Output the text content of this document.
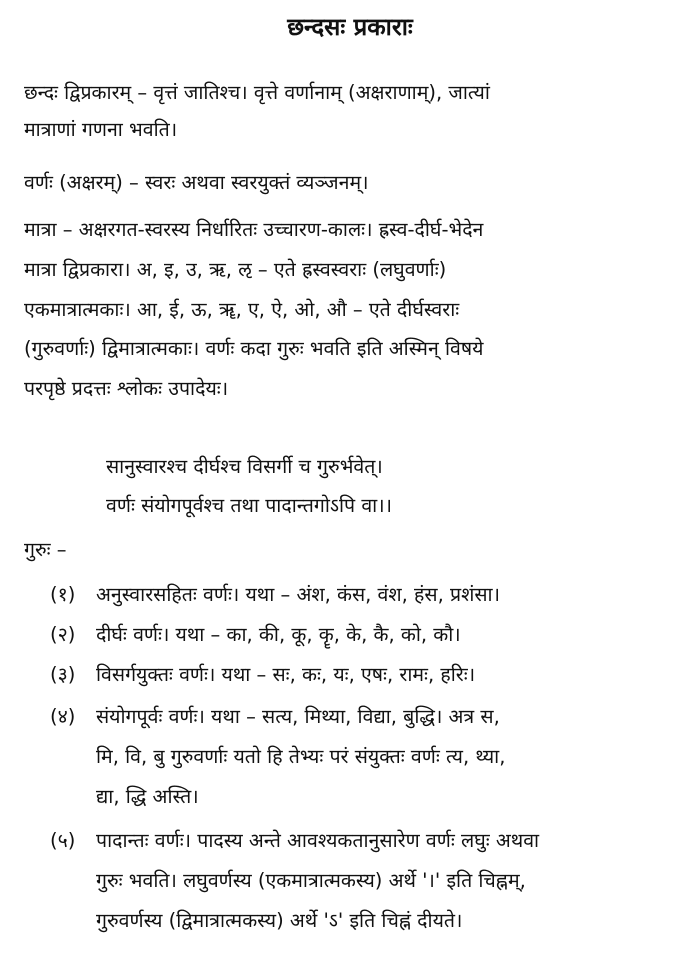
छन्दसः प्रकाराः
छन्दः द्विप्रकारम् – वृत्तं जातिश्च। वृत्ते वर्णानाम् (अक्षराणाम्), जात्यां
मात्राणां गणना भवति।
वर्णः (अक्षरम्) – स्वरः अथवा स्वरयुक्तं व्यञ्जनम्।
मात्रा – अक्षरगत-स्वरस्य निर्धारितः उच्चारण-कालः। ह्रस्व-दीर्घ-भेदेन
मात्रा द्विप्रकारा। अ, इ, उ, ऋ, ऌ – एते ह्रस्वस्वराः (लघुवर्णाः)
एकमात्रात्मकाः। आ, ई, ऊ, ॠ, ए, ऐ, ओ, औ – एते दीर्घस्वराः
(गुरुवर्णाः) द्विमात्रात्मकाः। वर्णः कदा गुरुः भवति इति अस्मिन् विषये
परपृष्ठे प्रदत्तः श्लोकः उपादेयः।
सानुस्वारश्च दीर्घश्च विसर्गी च गुरुर्भवेत्।
वर्णः संयोगपूर्वश्च तथा पादान्तगोऽपि वा।।
गुरुः –
(१) अनुस्वारसहितः वर्णः। यथा – अंश, कंस, वंश, हंस, प्रशंसा।
(२) दीर्घः वर्णः। यथा – का, की, कू, कॄ, के, कै, को, कौ।
(३) विसर्गयुक्तः वर्णः। यथा – सः, कः, यः, एषः, रामः, हरिः।
(४) संयोगपूर्वः वर्णः। यथा – सत्य, मिथ्या, विद्या, बुद्धि। अत्र स,
मि, वि, बु गुरुवर्णाः यतो हि तेभ्यः परं संयुक्तः वर्णः त्य, थ्या,
द्या, द्धि अस्ति।
(५) पादान्तः वर्णः। पादस्य अन्ते आवश्यकतानुसारेण वर्णः लघुः अथवा
गुरुः भवति। लघुवर्णस्य (एकमात्रात्मकस्य) अर्थे '।' इति चिह्नम्,
गुरुवर्णस्य (द्विमात्रात्मकस्य) अर्थे 'ऽ' इति चिह्नं दीयते।
